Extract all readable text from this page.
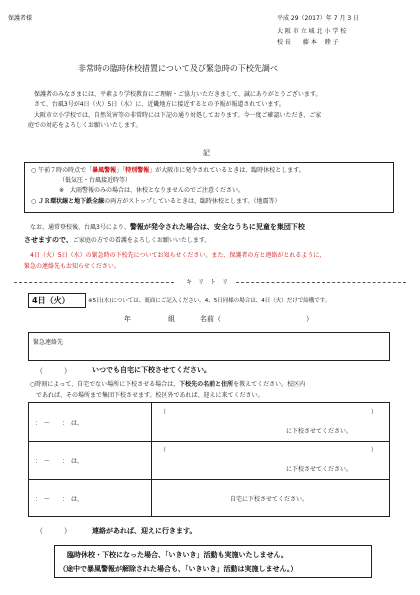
保護者様	平成 29（2017）年 7 月 3 日
大 阪 市 立 城 北 小 学 校
校 長　　藤 本　 睦 子
非常時の臨時休校措置について及び緊急時の下校先調べ
保護者のみなさまには、平素より学校教育にご理解・ご協力いただきまして、誠にありがとうございます。
さて、台風3号が4日（火）5日（水）に、近畿地方に接近するとの予報が報道されています。
大阪市立小学校では、自然災害等の非常時には下記の通り対処しております。今一度ご確認いただき、ご家
庭での対応をよろしくお願いいたします。
記
○ 午前７時の時点で「暴風警報」「特別警報」が大阪市に発令されているときは、臨時休校とします。
（低気圧・台風接近時等）
※　大雨警報のみの場合は、休校となりませんのでご注意ください。
○ ＪＲ環状線と地下鉄全線の両方がストップしているときは、臨時休校とします。（地震等）
なお、通常登校後、台風3号により、警報が発令された場合は、安全なうちに児童を集団下校
させますので、ご家庭の方での看護をよろしくお願いいたします。
4日（火）5日（水）の緊急時の下校先についてお知らせください。また、保護者の方と連絡がとれるように、
緊急の連絡先もお知らせください。
キ　リ　ト　リ
4日（火）	※5日(水)については、裏面にご記入ください。4、5日同様の場合は、4日（火）だけで結構です。
年	組	名前（	）
緊急連絡先
（　　　）	いつでも自宅に下校させてください。
○時刻によって、自宅でない場所に下校させる場合は、下校先の名前と住所を教えてください。校区内
であれば、その場所まで集団下校させます。校区外であれば、迎えに来てください。
：　〜　　：　は、
（	）
に下校させてください。
：　〜　　：　は、
（	）
に下校させてください。
：　〜　　：　は、	自宅に下校させてください。
（　　　）	連絡があれば、迎えに行きます。
臨時休校・下校になった場合、「いきいき」活動も実施いたしません。
（途中で暴風警報が解除された場合も、「いきいき」活動は実施しません。）
